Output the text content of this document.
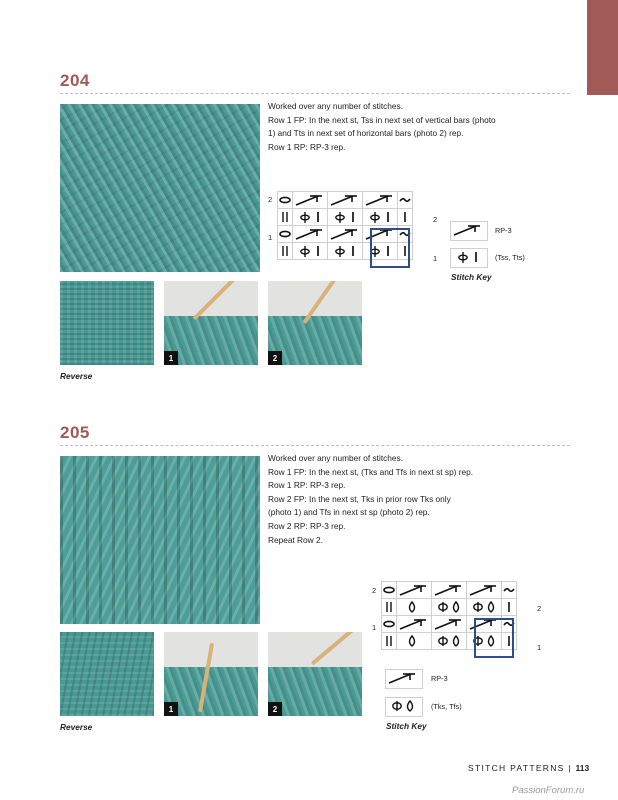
204
Worked over any number of stitches.
Row 1 FP: In the next st, Tss in next set of vertical bars (photo
1) and Tts in next set of horizontal bars (photo 2) rep.
Row 1 RP: RP-3 rep.
2
1

2
1
RP-3
(Tss, Tts)
Stitch Key
1	2
Reverse
205
Worked over any number of stitches.
Row 1 FP: In the next st, (Tks and Tfs in next st sp) rep.
Row 1 RP: RP-3 rep.
Row 2 FP: In the next st, Tks in prior row Tks only
(photo 1) and Tfs in next st sp (photo 2) rep.
Row 2 RP: RP-3 rep.
Repeat Row 2.
2
1

2
1
RP-3
(Tks, Tfs)
Stitch Key
1	2
Reverse
STITCH PATTERNS | 113
PassionForum.ru
